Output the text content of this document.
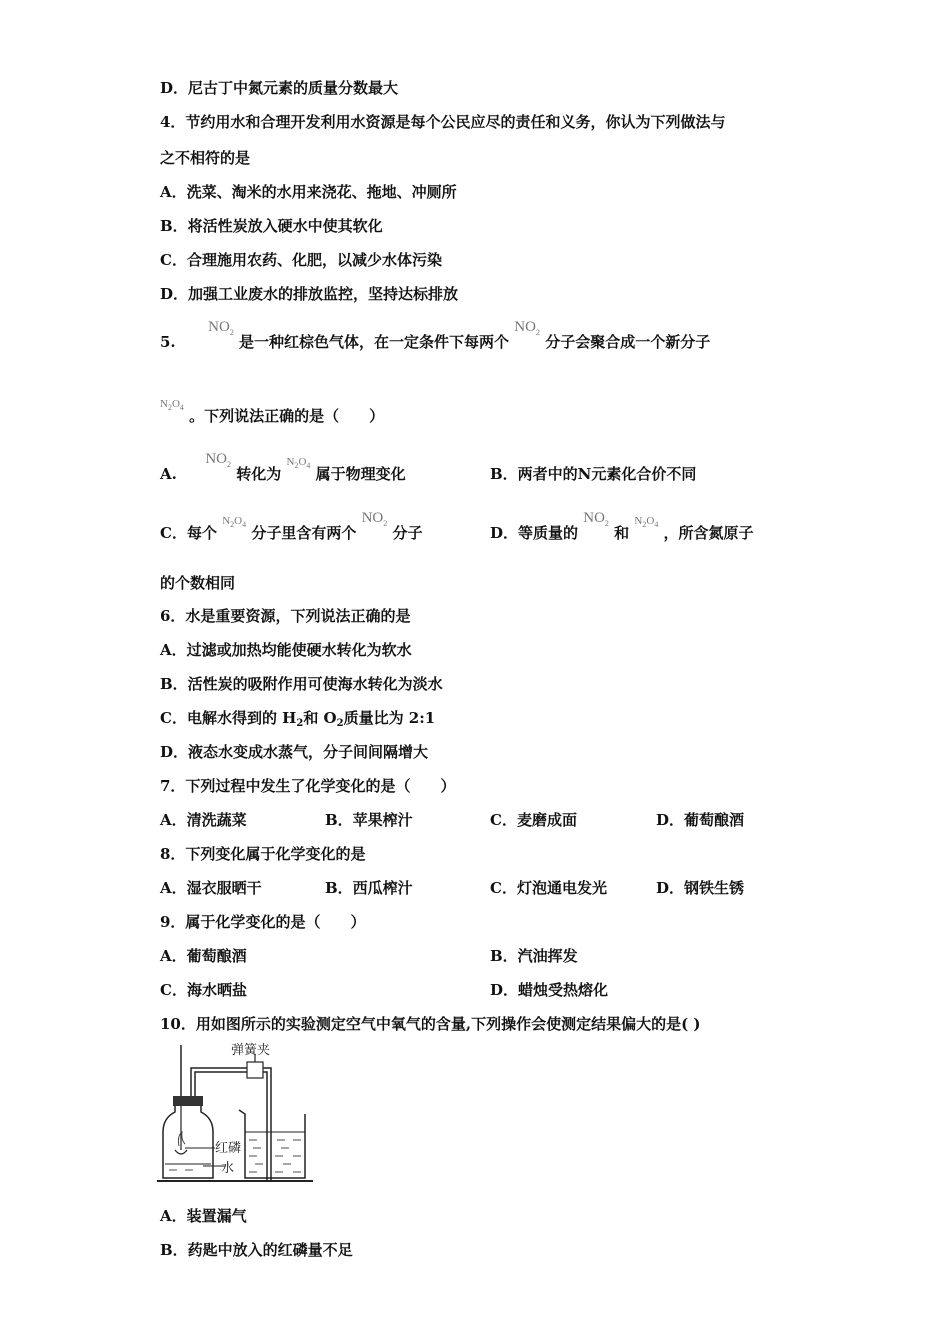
D．尼古丁中氮元素的质量分数最大
4．节约用水和合理开发利用水资源是每个公民应尽的责任和义务，你认为下列做法与
之不相符的是
A．洗菜、淘米的水用来浇花、拖地、冲厕所
B．将活性炭放入硬水中使其软化
C．合理施用农药、化肥，以减少水体污染
D．加强工业废水的排放监控，坚持达标排放
5.  $NO_2$ 是一种红棕色气体，在一定条件下每两个 $NO_2$ 分子会聚合成一个新分子
$N_2O_4$ 。下列说法正确的是（　　）
A.  $NO_2$ 转化为 $N_2O_4$ 属于物理变化	B．两者中的N元素化合价不同
C．每个 $N_2O_4$ 分子里含有两个 $NO_2$ 分子	D．等质量的 $NO_2$ 和 $N_2O_4$ ，所含氮原子
的个数相同
6．水是重要资源，下列说法正确的是
A．过滤或加热均能使硬水转化为软水
B．活性炭的吸附作用可使海水转化为淡水
C．电解水得到的 $H_2$和 $O_2$质量比为 2:1
D．液态水变成水蒸气，分子间间隔增大
7．下列过程中发生了化学变化的是（　　）
A．清洗蔬菜	B．苹果榨汁	C．麦磨成面	D．葡萄酿酒
8．下列变化属于化学变化的是
A．湿衣服晒干	B．西瓜榨汁	C．灯泡通电发光	D．钢铁生锈
9．属于化学变化的是（　　）
A．葡萄酿酒	B．汽油挥发
C．海水晒盐	D．蜡烛受热熔化
10．用如图所示的实验测定空气中氧气的含量,下列操作会使测定结果偏大的是( )
弹簧夹
红磷
水
A．装置漏气
B．药匙中放入的红磷量不足
